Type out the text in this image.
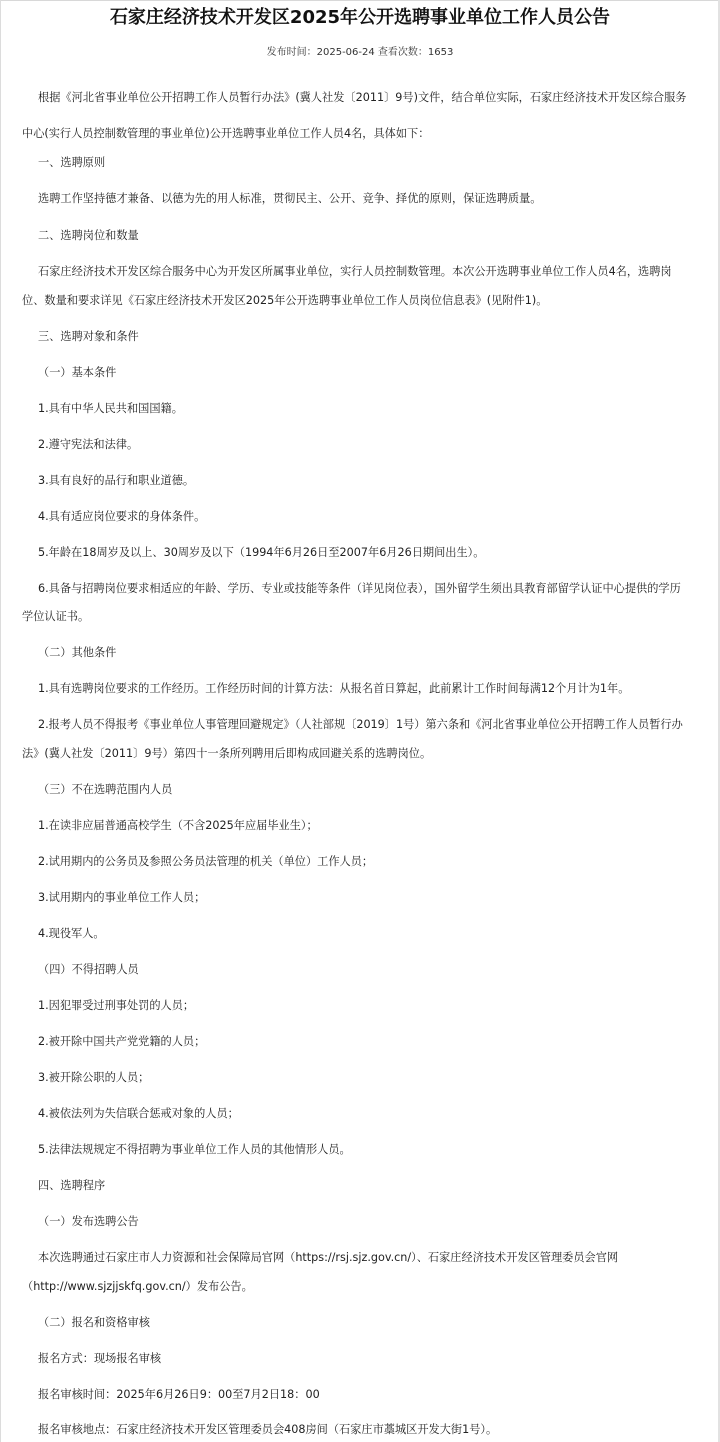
石家庄经济技术开发区2025年公开选聘事业单位工作人员公告
发布时间：2025-06-24 查看次数：1653
根据《河北省事业单位公开招聘工作人员暂行办法》(冀人社发〔2011〕9号)文件，结合单位实际，石家庄经济技术开发区综合服务
中心(实行人员控制数管理的事业单位)公开选聘事业单位工作人员4名，具体如下：
一、选聘原则
选聘工作坚持德才兼备、以德为先的用人标准，贯彻民主、公开、竞争、择优的原则，保证选聘质量。
二、选聘岗位和数量
石家庄经济技术开发区综合服务中心为开发区所属事业单位，实行人员控制数管理。本次公开选聘事业单位工作人员4名，选聘岗
位、数量和要求详见《石家庄经济技术开发区2025年公开选聘事业单位工作人员岗位信息表》(见附件1)。
三、选聘对象和条件
（一）基本条件
1.具有中华人民共和国国籍。
2.遵守宪法和法律。
3.具有良好的品行和职业道德。
4.具有适应岗位要求的身体条件。
5.年龄在18周岁及以上、30周岁及以下（1994年6月26日至2007年6月26日期间出生）。
6.具备与招聘岗位要求相适应的年龄、学历、专业或技能等条件（详见岗位表），国外留学生须出具教育部留学认证中心提供的学历
学位认证书。
（二）其他条件
1.具有选聘岗位要求的工作经历。工作经历时间的计算方法：从报名首日算起，此前累计工作时间每满12个月计为1年。
2.报考人员不得报考《事业单位人事管理回避规定》（人社部规〔2019〕1号）第六条和《河北省事业单位公开招聘工作人员暂行办
法》(冀人社发〔2011〕9号）第四十一条所列聘用后即构成回避关系的选聘岗位。
（三）不在选聘范围内人员
1.在读非应届普通高校学生（不含2025年应届毕业生）；
2.试用期内的公务员及参照公务员法管理的机关（单位）工作人员；
3.试用期内的事业单位工作人员；
4.现役军人。
（四）不得招聘人员
1.因犯罪受过刑事处罚的人员；
2.被开除中国共产党党籍的人员；
3.被开除公职的人员；
4.被依法列为失信联合惩戒对象的人员；
5.法律法规规定不得招聘为事业单位工作人员的其他情形人员。
四、选聘程序
（一）发布选聘公告
本次选聘通过石家庄市人力资源和社会保障局官网（https://rsj.sjz.gov.cn/）、石家庄经济技术开发区管理委员会官网
（http://www.sjzjjskfq.gov.cn/）发布公告。
（二）报名和资格审核
报名方式：现场报名审核
报名审核时间：2025年6月26日9：00至7月2日18：00
报名审核地点：石家庄经济技术开发区管理委员会408房间（石家庄市藁城区开发大街1号）。
